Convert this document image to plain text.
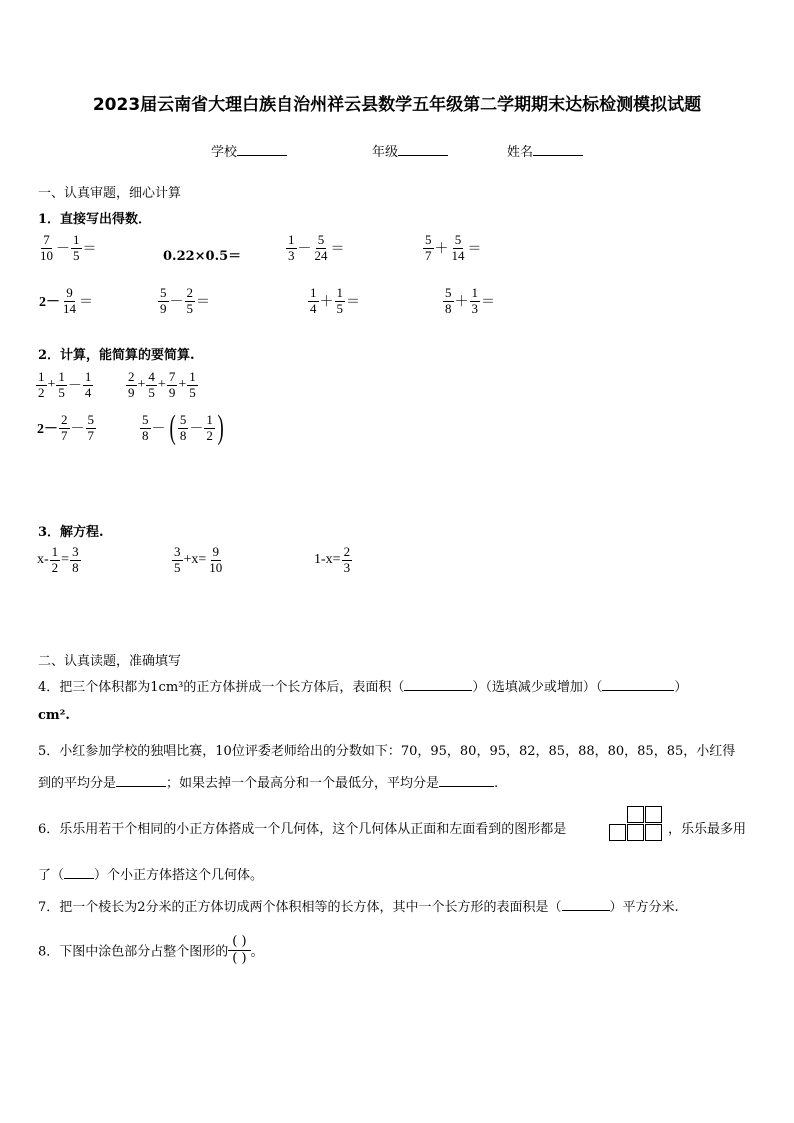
2023届云南省大理白族自治州祥云县数学五年级第二学期期末达标检测模拟试题
学校	年级	姓名
一、认真审题，细心计算
1．直接写出得数．
$\frac{7}{10} - \frac{1}{5}$ ＝	0.22×0.5＝	$\frac{1}{3} - \frac{5}{24}$ ＝	$\frac{5}{7} + \frac{5}{14}$ ＝
$2- \frac{9}{14}$ ＝	$\frac{5}{9} - \frac{2}{5}$ ＝	$\frac{1}{4} + \frac{1}{5}$ ＝	$\frac{5}{8} + \frac{1}{3}$ ＝
2．计算，能简算的要简算.
$\frac{1}{2} + \frac{1}{5} - \frac{1}{4}$	$\frac{2}{9} + \frac{4}{5} + \frac{7}{9} + \frac{1}{5}$
$2- \frac{2}{7} - \frac{5}{7}$	$\frac{5}{8}$ － ( $\frac{5}{8} - \frac{1}{2}$ )
3．解方程.
$x- \frac{1}{2} = \frac{3}{8}$	$\frac{3}{5} +x= \frac{9}{10}$	$1-x= \frac{2}{3}$
二、认真读题，准确填写
4．把三个体积都为1cm³的正方体拼成一个长方体后，表面积（	）（选填减少或增加）（	）
cm².
5．小红参加学校的独唱比赛，10位评委老师给出的分数如下：70，95，80，95，82，85，88，80，85，85，小红得
到的平均分是	；如果去掉一个最高分和一个最低分，平均分是	.
6．乐乐用若干个相同的小正方体搭成一个几何体，这个几何体从正面和左面看到的图形都是	，乐乐最多用
了（ ）个小正方体搭这个几何体。
7．把一个棱长为2分米的正方体切成两个体积相等的长方体，其中一个长方形的表面积是（	）平方分米.
8．下图中涂色部分占整个图形的 $\frac{( )}{( )}$ 。
